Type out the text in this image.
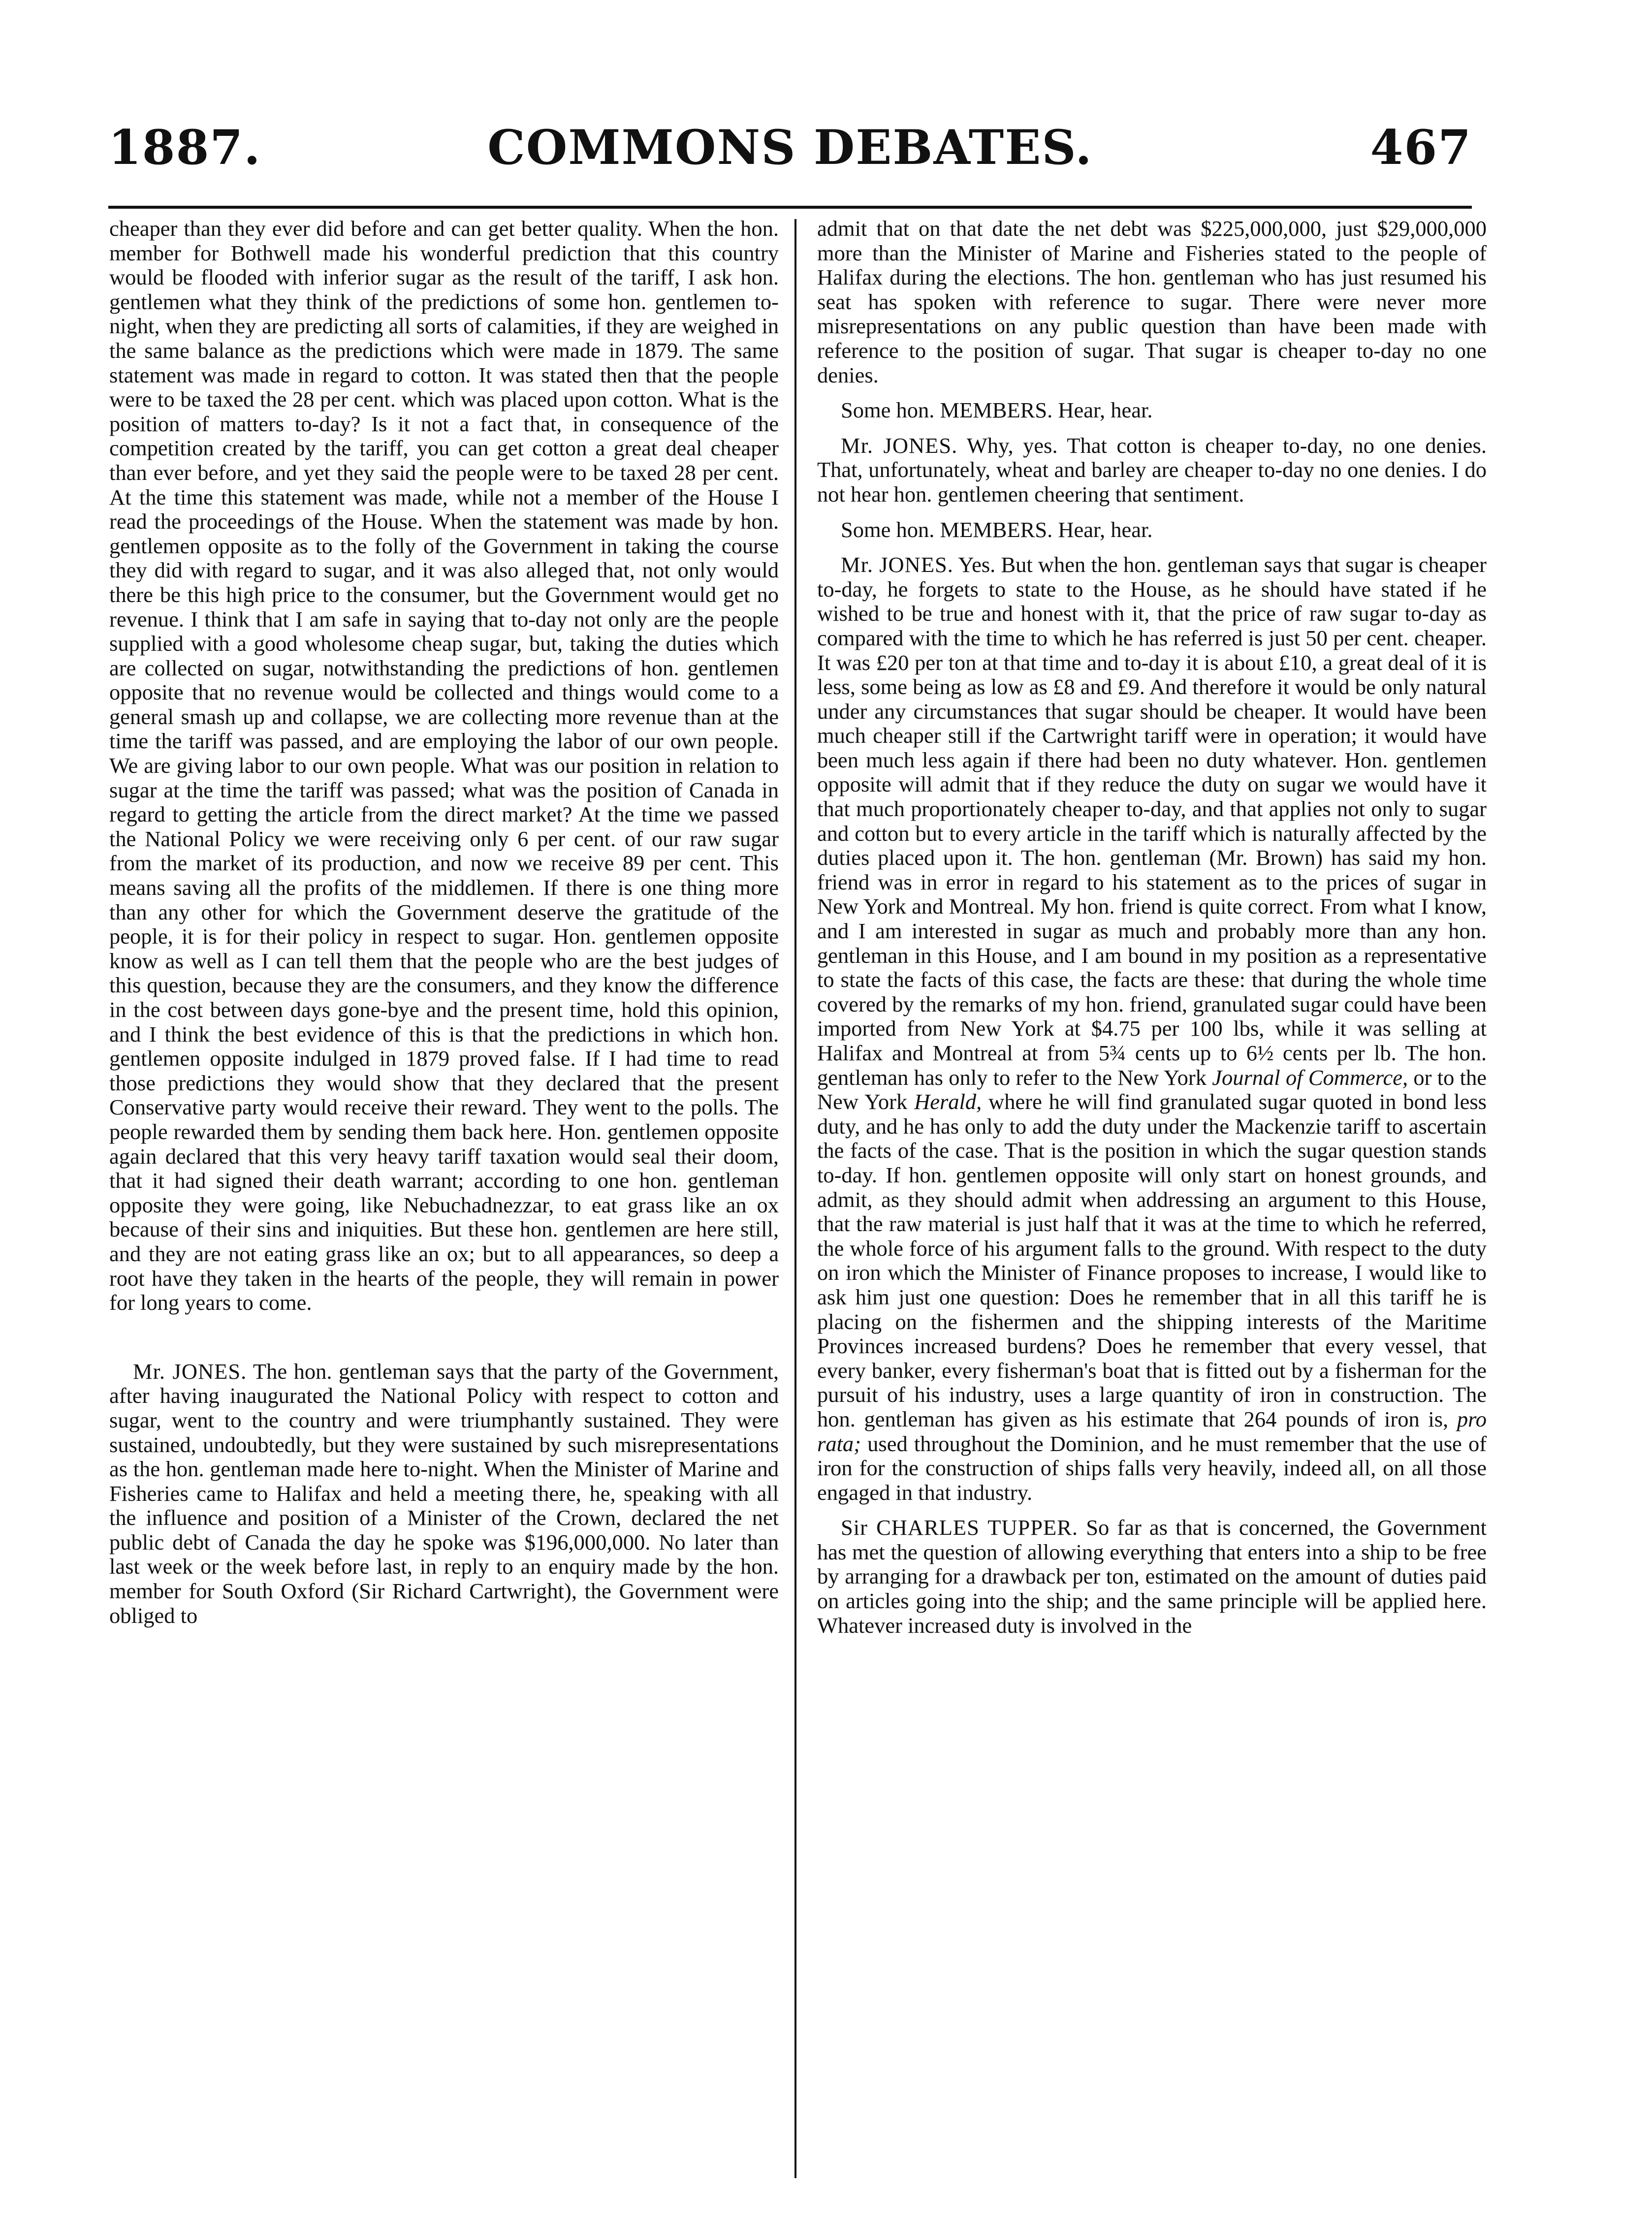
COMMONS DEBATES.
1887.	467

cheaper than they ever did before and can get better quality. When the hon. member for Bothwell made his wonderful prediction that this country would be flooded with inferior sugar as the result of the tariff, I ask hon. gentlemen what they think of the predictions of some hon. gentlemen to-night, when they are predicting all sorts of calamities, if they are weighed in the same balance as the predictions which were made in 1879. The same statement was made in regard to cotton. It was stated then that the people were to be taxed the 28 per cent. which was placed upon cotton. What is the position of matters to-day? Is it not a fact that, in consequence of the competition created by the tariff, you can get cotton a great deal cheaper than ever before, and yet they said the people were to be taxed 28 per cent. At the time this statement was made, while not a member of the House I read the proceedings of the House. When the statement was made by hon. gentlemen opposite as to the folly of the Government in taking the course they did with regard to sugar, and it was also alleged that, not only would there be this high price to the consumer, but the Government would get no revenue. I think that I am safe in saying that to-day not only are the people supplied with a good wholesome cheap sugar, but, taking the duties which are collected on sugar, notwithstanding the predictions of hon. gentlemen opposite that no revenue would be collected and things would come to a general smash up and collapse, we are collecting more revenue than at the time the tariff was passed, and are employing the labor of our own people. We are giving labor to our own people. What was our position in relation to sugar at the time the tariff was passed; what was the position of Canada in regard to getting the article from the direct market? At the time we passed the National Policy we were receiving only 6 per cent. of our raw sugar from the market of its production, and now we receive 89 per cent. This means saving all the profits of the middlemen. If there is one thing more than any other for which the Government deserve the gratitude of the people, it is for their policy in respect to sugar. Hon. gentlemen opposite know as well as I can tell them that the people who are the best judges of this question, because they are the consumers, and they know the difference in the cost between days gone-bye and the present time, hold this opinion, and I think the best evidence of this is that the predictions in which hon. gentlemen opposite indulged in 1879 proved false. If I had time to read those predictions they would show that they declared that the present Conservative party would receive their reward. They went to the polls. The people rewarded them by sending them back here. Hon. gentlemen opposite again declared that this very heavy tariff taxation would seal their doom, that it had signed their death warrant; according to one hon. gentleman opposite they were going, like Nebuchadnezzar, to eat grass like an ox because of their sins and iniquities. But these hon. gentlemen are here still, and they are not eating grass like an ox; but to all appearances, so deep a root have they taken in the hearts of the people, they will remain in power for long years to come.

Mr. JONES. The hon. gentleman says that the party of the Government, after having inaugurated the National Policy with respect to cotton and sugar, went to the country and were triumphantly sustained. They were sustained, undoubtedly, but they were sustained by such misrepresentations as the hon. gentleman made here to-night. When the Minister of Marine and Fisheries came to Halifax and held a meeting there, he, speaking with all the influence and position of a Minister of the Crown, declared the net public debt of Canada the day he spoke was $196,000,000. No later than last week or the week before last, in reply to an enquiry made by the hon. member for South Oxford (Sir Richard Cartwright), the Government were obliged to

admit that on that date the net debt was $225,000,000, just $29,000,000 more than the Minister of Marine and Fisheries stated to the people of Halifax during the elections. The hon. gentleman who has just resumed his seat has spoken with reference to sugar. There were never more misrepresentations on any public question than have been made with reference to the position of sugar. That sugar is cheaper to-day no one denies.

Some hon. MEMBERS. Hear, hear.

Mr. JONES. Why, yes. That cotton is cheaper to-day, no one denies. That, unfortunately, wheat and barley are cheaper to-day no one denies. I do not hear hon. gentlemen cheering that sentiment.

Some hon. MEMBERS. Hear, hear.

Mr. JONES. Yes. But when the hon. gentleman says that sugar is cheaper to-day, he forgets to state to the House, as he should have stated if he wished to be true and honest with it, that the price of raw sugar to-day as compared with the time to which he has referred is just 50 per cent. cheaper. It was £20 per ton at that time and to-day it is about £10, a great deal of it is less, some being as low as £8 and £9. And therefore it would be only natural under any circumstances that sugar should be cheaper. It would have been much cheaper still if the Cartwright tariff were in operation; it would have been much less again if there had been no duty whatever. Hon. gentlemen opposite will admit that if they reduce the duty on sugar we would have it that much proportionately cheaper to-day, and that applies not only to sugar and cotton but to every article in the tariff which is naturally affected by the duties placed upon it. The hon. gentleman (Mr. Brown) has said my hon. friend was in error in regard to his statement as to the prices of sugar in New York and Montreal. My hon. friend is quite correct. From what I know, and I am interested in sugar as much and probably more than any hon. gentleman in this House, and I am bound in my position as a representative to state the facts of this case, the facts are these: that during the whole time covered by the remarks of my hon. friend, granulated sugar could have been imported from New York at $4.75 per 100 lbs, while it was selling at Halifax and Montreal at from 5¾ cents up to 6½ cents per lb. The hon. gentleman has only to refer to the New York Journal of Commerce, or to the New York Herald, where he will find granulated sugar quoted in bond less duty, and he has only to add the duty under the Mackenzie tariff to ascertain the facts of the case. That is the position in which the sugar question stands to-day. If hon. gentlemen opposite will only start on honest grounds, and admit, as they should admit when addressing an argument to this House, that the raw material is just half that it was at the time to which he referred, the whole force of his argument falls to the ground. With respect to the duty on iron which the Minister of Finance proposes to increase, I would like to ask him just one question: Does he remember that in all this tariff he is placing on the fishermen and the shipping interests of the Maritime Provinces increased burdens? Does he remember that every vessel, that every banker, every fisherman's boat that is fitted out by a fisherman for the pursuit of his industry, uses a large quantity of iron in construction. The hon. gentleman has given as his estimate that 264 pounds of iron is, pro rata; used throughout the Dominion, and he must remember that the use of iron for the construction of ships falls very heavily, indeed all, on all those engaged in that industry.

Sir CHARLES TUPPER. So far as that is concerned, the Government has met the question of allowing everything that enters into a ship to be free by arranging for a drawback per ton, estimated on the amount of duties paid on articles going into the ship; and the same principle will be applied here. Whatever increased duty is involved in the
